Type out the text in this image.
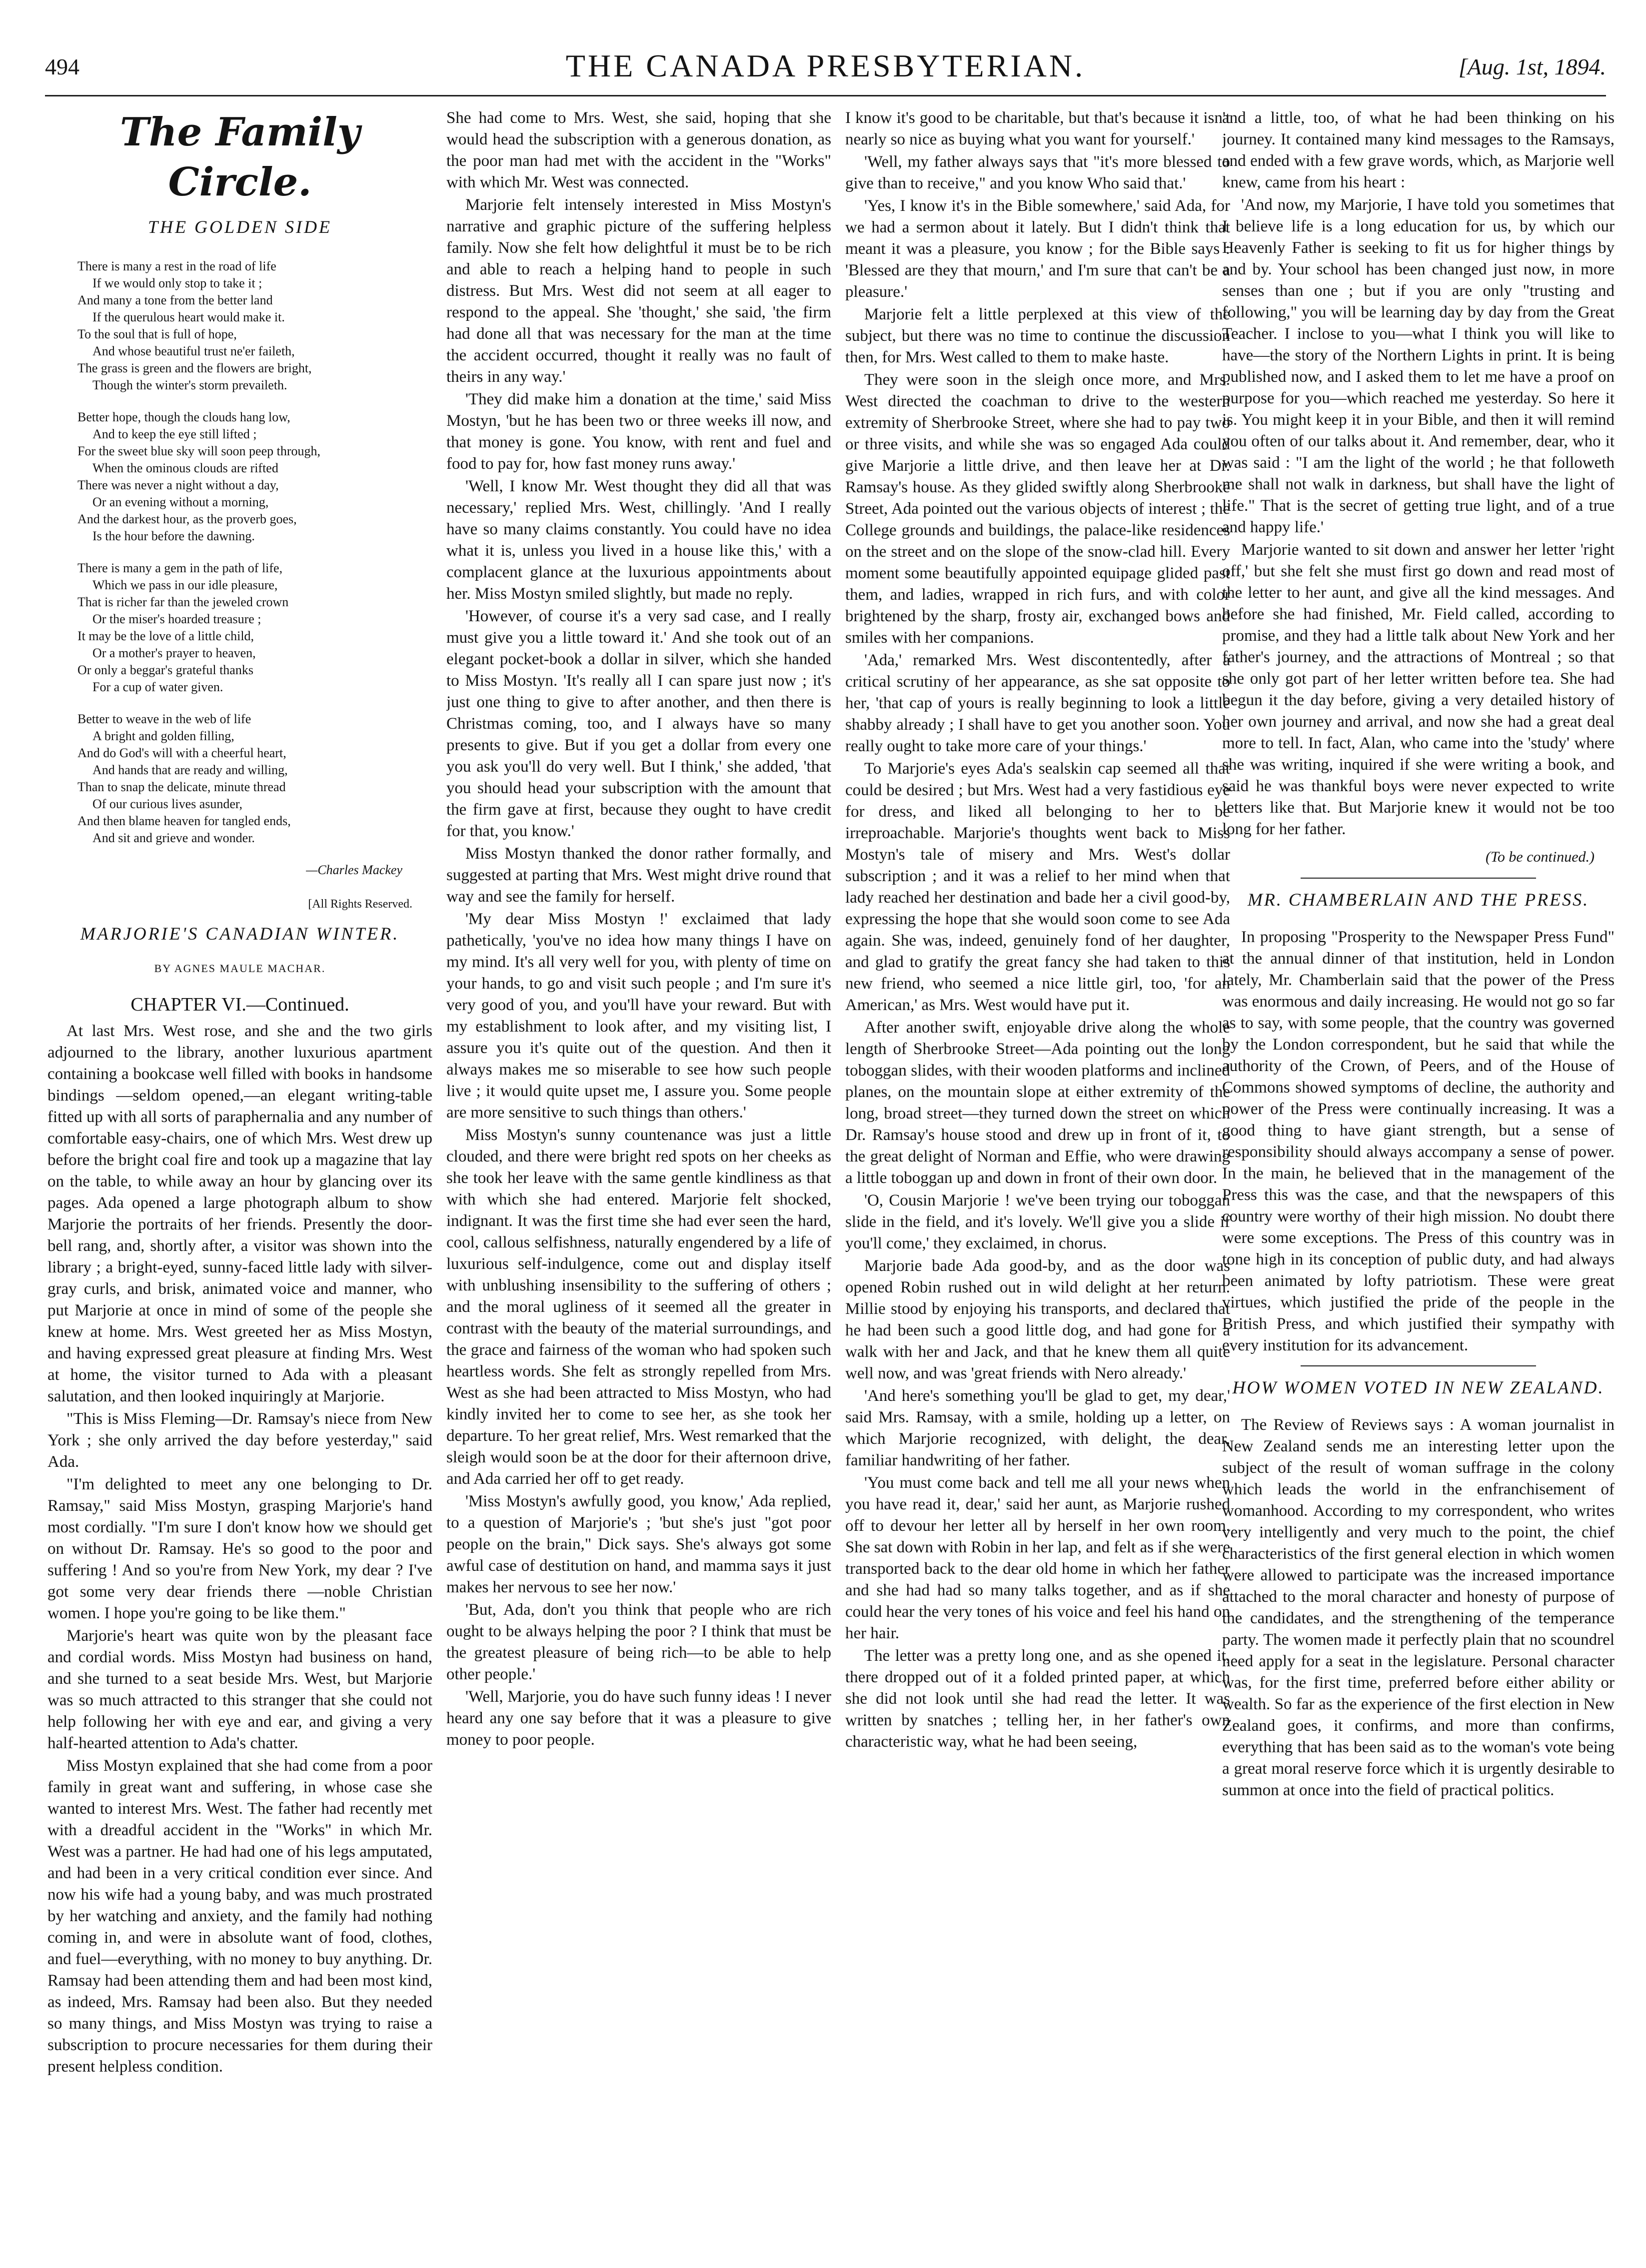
494	THE CANADA PRESBYTERIAN.	[Aug. 1st, 1894.
The Family Circle.
THE GOLDEN SIDE
There is many a rest in the road of life
If we would only stop to take it ;
And many a tone from the better land
If the querulous heart would make it.
To the soul that is full of hope,
And whose beautiful trust ne'er faileth,
The grass is green and the flowers are bright,
Though the winter's storm prevaileth.
Better hope, though the clouds hang low,
And to keep the eye still lifted ;
For the sweet blue sky will soon peep through,
When the ominous clouds are rifted
There was never a night without a day,
Or an evening without a morning,
And the darkest hour, as the proverb goes,
Is the hour before the dawning.
There is many a gem in the path of life,
Which we pass in our idle pleasure,
That is richer far than the jeweled crown
Or the miser's hoarded treasure ;
It may be the love of a little child,
Or a mother's prayer to heaven,
Or only a beggar's grateful thanks
For a cup of water given.
Better to weave in the web of life
A bright and golden filling,
And do God's will with a cheerful heart,
And hands that are ready and willing,
Than to snap the delicate, minute thread
Of our curious lives asunder,
And then blame heaven for tangled ends,
And sit and grieve and wonder.
—Charles Mackey
[All Rights Reserved.
MARJORIE'S CANADIAN WINTER.
BY AGNES MAULE MACHAR.
CHAPTER VI.—Continued.

At last Mrs. West rose, and she and the two girls adjourned to the library, another luxurious apartment containing a bookcase well filled with books in handsome bindings —seldom opened,—an elegant writing-table fitted up with all sorts of paraphernalia and any number of comfortable easy-chairs, one of which Mrs. West drew up before the bright coal fire and took up a magazine that lay on the table, to while away an hour by glancing over its pages. Ada opened a large photograph album to show Marjorie the portraits of her friends. Presently the door-bell rang, and, shortly after, a visitor was shown into the library ; a bright-eyed, sunny-faced little lady with silver-gray curls, and brisk, animated voice and manner, who put Marjorie at once in mind of some of the people she knew at home. Mrs. West greeted her as Miss Mostyn, and having expressed great pleasure at finding Mrs. West at home, the visitor turned to Ada with a pleasant salutation, and then looked inquiringly at Marjorie.

"This is Miss Fleming—Dr. Ramsay's niece from New York ; she only arrived the day before yesterday," said Ada.

"I'm delighted to meet any one belonging to Dr. Ramsay," said Miss Mostyn, grasping Marjorie's hand most cordially. "I'm sure I don't know how we should get on without Dr. Ramsay. He's so good to the poor and suffering ! And so you're from New York, my dear ? I've got some very dear friends there —noble Christian women. I hope you're going to be like them."

Marjorie's heart was quite won by the pleasant face and cordial words. Miss Mostyn had business on hand, and she turned to a seat beside Mrs. West, but Marjorie was so much attracted to this stranger that she could not help following her with eye and ear, and giving a very half-hearted attention to Ada's chatter.

Miss Mostyn explained that she had come from a poor family in great want and suffering, in whose case she wanted to interest Mrs. West. The father had recently met with a dreadful accident in the "Works" in which Mr. West was a partner. He had had one of his legs amputated, and had been in a very critical condition ever since. And now his wife had a young baby, and was much prostrated by her watching and anxiety, and the family had nothing coming in, and were in absolute want of food, clothes, and fuel—everything, with no money to buy anything. Dr. Ramsay had been attending them and had been most kind, as indeed, Mrs. Ramsay had been also. But they needed so many things, and Miss Mostyn was trying to raise a subscription to procure necessaries for them during their present helpless condition.

She had come to Mrs. West, she said, hoping that she would head the subscription with a generous donation, as the poor man had met with the accident in the "Works" with which Mr. West was connected.

Marjorie felt intensely interested in Miss Mostyn's narrative and graphic picture of the suffering helpless family. Now she felt how delightful it must be to be rich and able to reach a helping hand to people in such distress. But Mrs. West did not seem at all eager to respond to the appeal. She 'thought,' she said, 'the firm had done all that was necessary for the man at the time the accident occurred, thought it really was no fault of theirs in any way.'

'They did make him a donation at the time,' said Miss Mostyn, 'but he has been two or three weeks ill now, and that money is gone. You know, with rent and fuel and food to pay for, how fast money runs away.'

'Well, I know Mr. West thought they did all that was necessary,' replied Mrs. West, chillingly. 'And I really have so many claims constantly. You could have no idea what it is, unless you lived in a house like this,' with a complacent glance at the luxurious appointments about her. Miss Mostyn smiled slightly, but made no reply.

'However, of course it's a very sad case, and I really must give you a little toward it.' And she took out of an elegant pocket-book a dollar in silver, which she handed to Miss Mostyn. 'It's really all I can spare just now ; it's just one thing to give to after another, and then there is Christmas coming, too, and I always have so many presents to give. But if you get a dollar from every one you ask you'll do very well. But I think,' she added, 'that you should head your subscription with the amount that the firm gave at first, because they ought to have credit for that, you know.'

Miss Mostyn thanked the donor rather formally, and suggested at parting that Mrs. West might drive round that way and see the family for herself.

'My dear Miss Mostyn !' exclaimed that lady pathetically, 'you've no idea how many things I have on my mind. It's all very well for you, with plenty of time on your hands, to go and visit such people ; and I'm sure it's very good of you, and you'll have your reward. But with my establishment to look after, and my visiting list, I assure you it's quite out of the question. And then it always makes me so miserable to see how such people live ; it would quite upset me, I assure you. Some people are more sensitive to such things than others.'

Miss Mostyn's sunny countenance was just a little clouded, and there were bright red spots on her cheeks as she took her leave with the same gentle kindliness as that with which she had entered. Marjorie felt shocked, indignant. It was the first time she had ever seen the hard, cool, callous selfishness, naturally engendered by a life of luxurious self-indulgence, come out and display itself with unblushing insensibility to the suffering of others ; and the moral ugliness of it seemed all the greater in contrast with the beauty of the material surroundings, and the grace and fairness of the woman who had spoken such heartless words. She felt as strongly repelled from Mrs. West as she had been attracted to Miss Mostyn, who had kindly invited her to come to see her, as she took her departure. To her great relief, Mrs. West remarked that the sleigh would soon be at the door for their afternoon drive, and Ada carried her off to get ready.

'Miss Mostyn's awfully good, you know,' Ada replied, to a question of Marjorie's ; 'but she's just "got poor people on the brain," Dick says. She's always got some awful case of destitution on hand, and mamma says it just makes her nervous to see her now.'

'But, Ada, don't you think that people who are rich ought to be always helping the poor ? I think that must be the greatest pleasure of being rich—to be able to help other people.'

'Well, Marjorie, you do have such funny ideas ! I never heard any one say before that it was a pleasure to give money to poor people.

I know it's good to be charitable, but that's because it isn't nearly so nice as buying what you want for yourself.'

'Well, my father always says that "it's more blessed to give than to receive," and you know Who said that.'

'Yes, I know it's in the Bible somewhere,' said Ada, for we had a sermon about it lately. But I didn't think that meant it was a pleasure, you know ; for the Bible says : 'Blessed are they that mourn,' and I'm sure that can't be a pleasure.'

Marjorie felt a little perplexed at this view of the subject, but there was no time to continue the discussion then, for Mrs. West called to them to make haste.

They were soon in the sleigh once more, and Mrs. West directed the coachman to drive to the western extremity of Sherbrooke Street, where she had to pay two or three visits, and while she was so engaged Ada could give Marjorie a little drive, and then leave her at Dr. Ramsay's house. As they glided swiftly along Sherbrooke Street, Ada pointed out the various objects of interest ; the College grounds and buildings, the palace-like residences on the street and on the slope of the snow-clad hill. Every moment some beautifully appointed equipage glided past them, and ladies, wrapped in rich furs, and with color brightened by the sharp, frosty air, exchanged bows and smiles with her companions.

'Ada,' remarked Mrs. West discontentedly, after a critical scrutiny of her appearance, as she sat opposite to her, 'that cap of yours is really beginning to look a little shabby already ; I shall have to get you another soon. You really ought to take more care of your things.'

To Marjorie's eyes Ada's sealskin cap seemed all that could be desired ; but Mrs. West had a very fastidious eye for dress, and liked all belonging to her to be irreproachable. Marjorie's thoughts went back to Miss Mostyn's tale of misery and Mrs. West's dollar subscription ; and it was a relief to her mind when that lady reached her destination and bade her a civil good-by, expressing the hope that she would soon come to see Ada again. She was, indeed, genuinely fond of her daughter, and glad to gratify the great fancy she had taken to this new friend, who seemed a nice little girl, too, 'for an American,' as Mrs. West would have put it.

After another swift, enjoyable drive along the whole length of Sherbrooke Street—Ada pointing out the long toboggan slides, with their wooden platforms and inclined planes, on the mountain slope at either extremity of the long, broad street—they turned down the street on which Dr. Ramsay's house stood and drew up in front of it, to the great delight of Norman and Effie, who were drawing a little toboggan up and down in front of their own door.

'O, Cousin Marjorie ! we've been trying our toboggan slide in the field, and it's lovely. We'll give you a slide if you'll come,' they exclaimed, in chorus.

Marjorie bade Ada good-by, and as the door was opened Robin rushed out in wild delight at her return. Millie stood by enjoying his transports, and declared that he had been such a good little dog, and had gone for a walk with her and Jack, and that he knew them all quite well now, and was 'great friends with Nero already.'

'And here's something you'll be glad to get, my dear,' said Mrs. Ramsay, with a smile, holding up a letter, on which Marjorie recognized, with delight, the dear, familiar handwriting of her father.

'You must come back and tell me all your news when you have read it, dear,' said her aunt, as Marjorie rushed off to devour her letter all by herself in her own room. She sat down with Robin in her lap, and felt as if she were transported back to the dear old home in which her father and she had had so many talks together, and as if she could hear the very tones of his voice and feel his hand on her hair.

The letter was a pretty long one, and as she opened it, there dropped out of it a folded printed paper, at which she did not look until she had read the letter. It was written by snatches ; telling her, in her father's own characteristic way, what he had been seeing,

and a little, too, of what he had been thinking on his journey. It contained many kind messages to the Ramsays, and ended with a few grave words, which, as Marjorie well knew, came from his heart :

'And now, my Marjorie, I have told you sometimes that I believe life is a long education for us, by which our Heavenly Father is seeking to fit us for higher things by and by. Your school has been changed just now, in more senses than one ; but if you are only "trusting and following," you will be learning day by day from the Great Teacher. I inclose to you—what I think you will like to have—the story of the Northern Lights in print. It is being published now, and I asked them to let me have a proof on purpose for you—which reached me yesterday. So here it is. You might keep it in your Bible, and then it will remind you often of our talks about it. And remember, dear, who it was said : "I am the light of the world ; he that followeth me shall not walk in darkness, but shall have the light of life." That is the secret of getting true light, and of a true and happy life.'

Marjorie wanted to sit down and answer her letter 'right off,' but she felt she must first go down and read most of the letter to her aunt, and give all the kind messages. And before she had finished, Mr. Field called, according to promise, and they had a little talk about New York and her father's journey, and the attractions of Montreal ; so that she only got part of her letter written before tea. She had begun it the day before, giving a very detailed history of her own journey and arrival, and now she had a great deal more to tell. In fact, Alan, who came into the 'study' where she was writing, inquired if she were writing a book, and said he was thankful boys were never expected to write letters like that. But Marjorie knew it would not be too long for her father.

(To be continued.)
MR. CHAMBERLAIN AND THE PRESS.

In proposing "Prosperity to the Newspaper Press Fund" at the annual dinner of that institution, held in London lately, Mr. Chamberlain said that the power of the Press was enormous and daily increasing. He would not go so far as to say, with some people, that the country was governed by the London correspondent, but he said that while the authority of the Crown, of Peers, and of the House of Commons showed symptoms of decline, the authority and power of the Press were continually increasing. It was a good thing to have giant strength, but a sense of responsibility should always accompany a sense of power. In the main, he believed that in the management of the Press this was the case, and that the newspapers of this country were worthy of their high mission. No doubt there were some exceptions. The Press of this country was in tone high in its conception of public duty, and had always been animated by lofty patriotism. These were great virtues, which justified the pride of the people in the British Press, and which justified their sympathy with every institution for its advancement.

HOW WOMEN VOTED IN NEW ZEALAND.

The Review of Reviews says : A woman journalist in New Zealand sends me an interesting letter upon the subject of the result of woman suffrage in the colony which leads the world in the enfranchisement of womanhood. According to my correspondent, who writes very intelligently and very much to the point, the chief characteristics of the first general election in which women were allowed to participate was the increased importance attached to the moral character and honesty of purpose of the candidates, and the strengthening of the temperance party. The women made it perfectly plain that no scoundrel need apply for a seat in the legislature. Personal character was, for the first time, preferred before either ability or wealth. So far as the experience of the first election in New Zealand goes, it confirms, and more than confirms, everything that has been said as to the woman's vote being a great moral reserve force which it is urgently desirable to summon at once into the field of practical politics.
